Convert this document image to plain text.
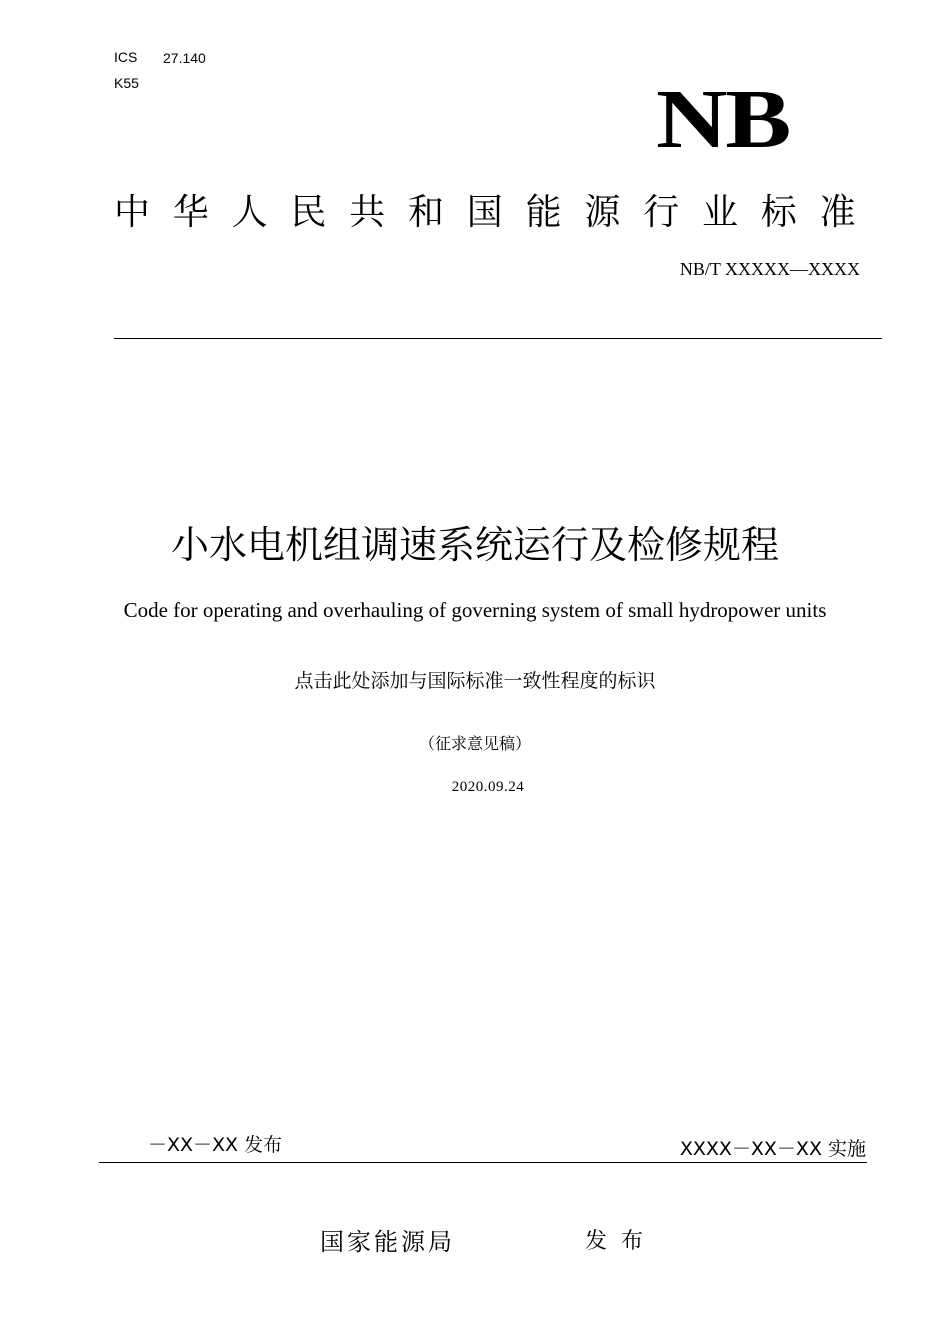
ICS 27.140
K55	NB
中华人民共和国能源行业标准
NB/T XXXXX—XXXX
小水电机组调速系统运行及检修规程
Code for operating and overhauling of governing system of small hydropower units
点击此处添加与国际标准一致性程度的标识
（征求意见稿）
2020.09.24
－XX－XX 发布	XXXX－XX－XX 实施
国家能源局	发布
